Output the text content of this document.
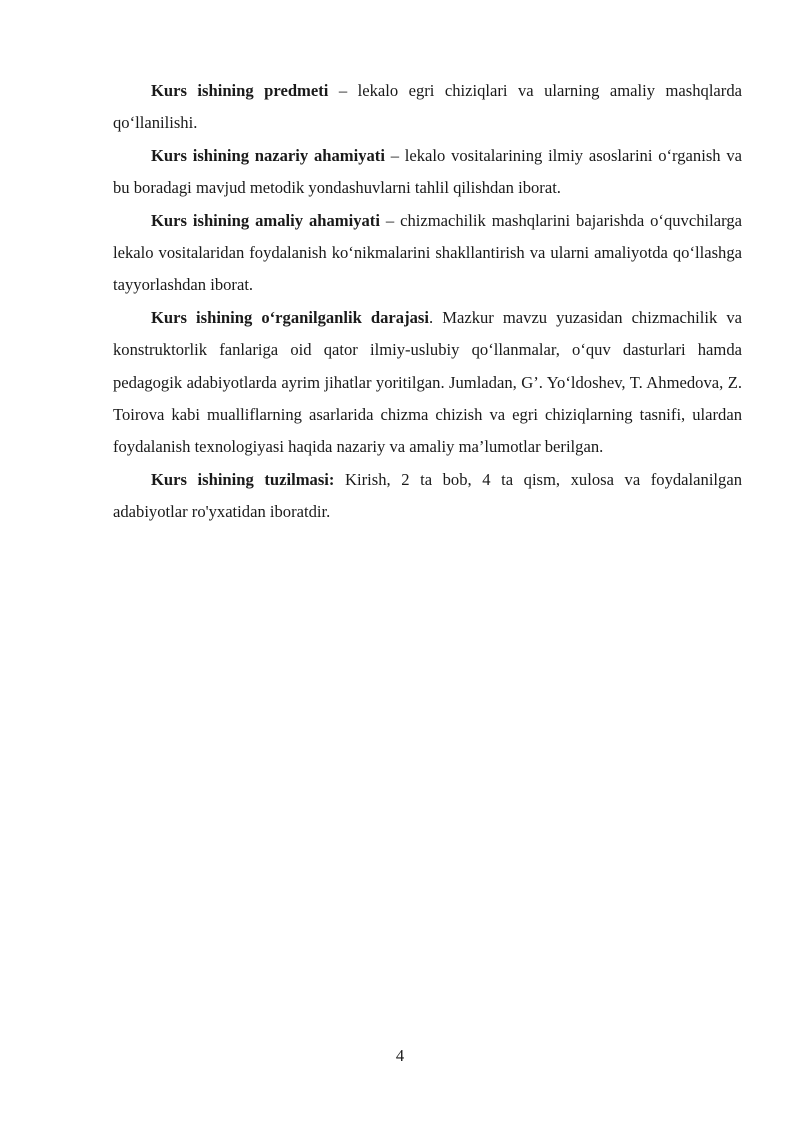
Kurs ishining predmeti – lekalo egri chiziqlari va ularning amaliy mashqlarda qo‘llanilishi.

Kurs ishining nazariy ahamiyati – lekalo vositalarining ilmiy asoslarini o‘rganish va bu boradagi mavjud metodik yondashuvlarni tahlil qilishdan iborat.

Kurs ishining amaliy ahamiyati – chizmachilik mashqlarini bajarishda o‘quvchilarga lekalo vositalaridan foydalanish ko‘nikmalarini shakllantirish va ularni amaliyotda qo‘llashga tayyorlashdan iborat.

Kurs ishining o‘rganilganlik darajasi. Mazkur mavzu yuzasidan chizmachilik va konstruktorlik fanlariga oid qator ilmiy-uslubiy qo‘llanmalar, o‘quv dasturlari hamda pedagogik adabiyotlarda ayrim jihatlar yoritilgan. Jumladan, G’. Yo‘ldoshev, T. Ahmedova, Z. Toirova kabi mualliflarning asarlarida chizma chizish va egri chiziqlarning tasnifi, ulardan foydalanish texnologiyasi haqida nazariy va amaliy ma’lumotlar berilgan.

Kurs ishining tuzilmasi: Kirish, 2 ta bob, 4 ta qism, xulosa va foydalanilgan adabiyotlar ro'yxatidan iboratdir.

4
